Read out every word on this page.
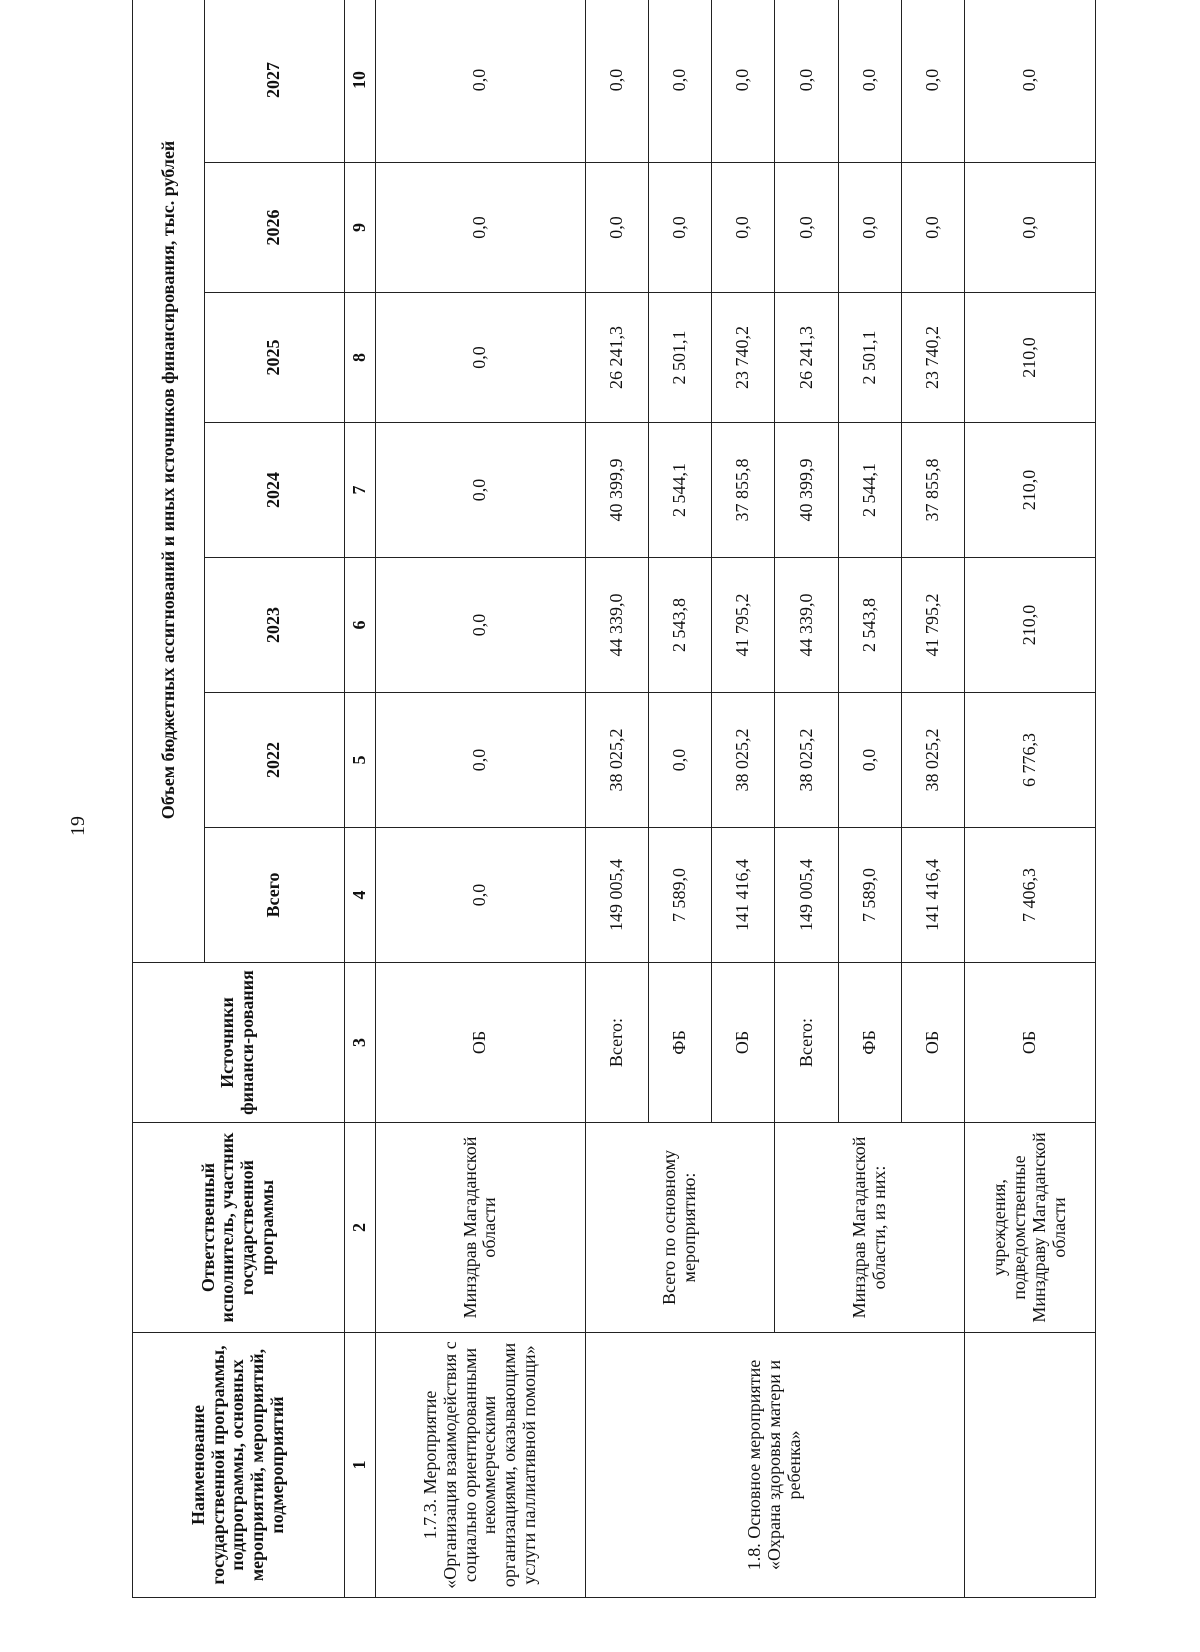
19
Наименование государственной программы, подпрограммы, основных мероприятий, мероприятий, подмероприятий	Ответственный исполнитель, участник государственной программы	Источники финанси-рования	Объем бюджетных ассигнований и иных источников финансирования, тыс. рублей						
			Всего	2022	2023	2024	2025	2026	2027
1	2	3	4	5	6	7	8	9	10
1.7.3. Мероприятие «Организация взаимодействия с социально ориентированными некоммерческими организациями, оказывающими услуги паллиативной помощи»	Минздрав Магаданской области	ОБ	0,0	0,0	0,0	0,0	0,0	0,0	0,0
1.8. Основное мероприятие «Охрана здоровья матери и ребенка»	Всего по основному мероприятию:	Всего:	149 005,4	38 025,2	44 339,0	40 399,9	26 241,3	0,0	0,0
		ФБ	7 589,0	0,0	2 543,8	2 544,1	2 501,1	0,0	0,0
		ОБ	141 416,4	38 025,2	41 795,2	37 855,8	23 740,2	0,0	0,0
	Минздрав Магаданской области, из них:	Всего:	149 005,4	38 025,2	44 339,0	40 399,9	26 241,3	0,0	0,0
		ФБ	7 589,0	0,0	2 543,8	2 544,1	2 501,1	0,0	0,0
		ОБ	141 416,4	38 025,2	41 795,2	37 855,8	23 740,2	0,0	0,0
	учреждения, подведомственные Минздраву Магаданской области	ОБ	7 406,3	6 776,3	210,0	210,0	210,0	0,0	0,0
